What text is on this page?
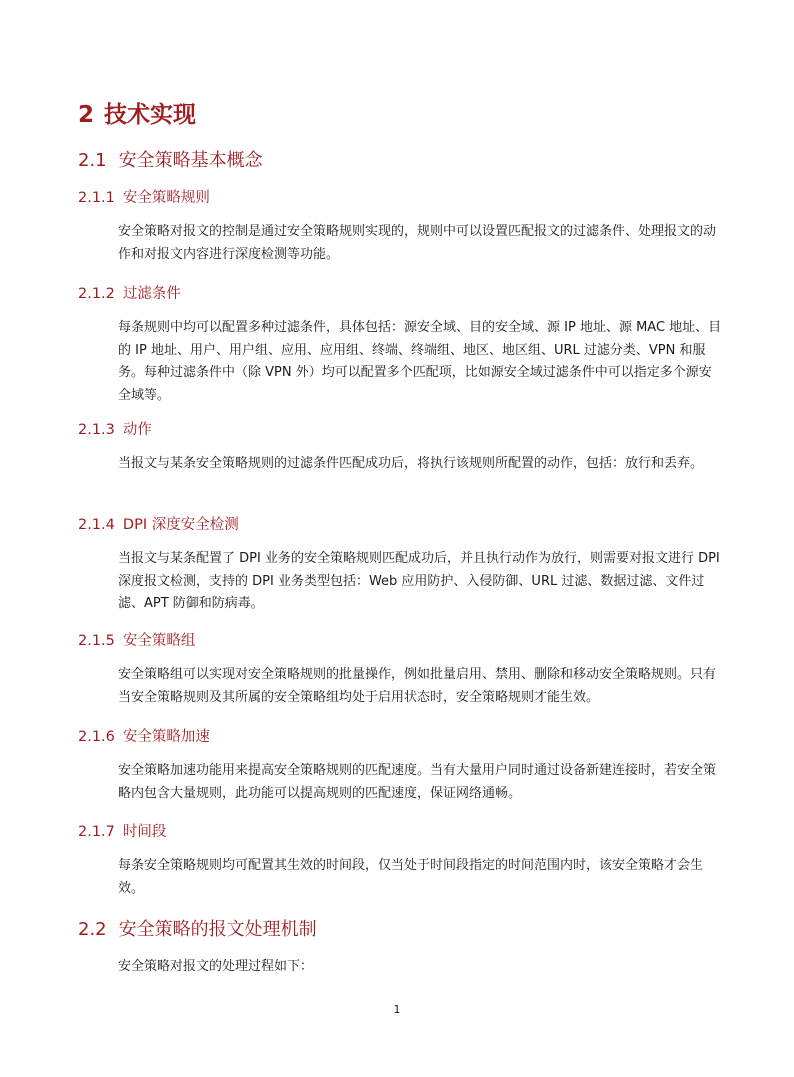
2 技术实现
2.1 安全策略基本概念
2.1.1 安全策略规则

安全策略对报文的控制是通过安全策略规则实现的，规则中可以设置匹配报文的过滤条件、处理报文的动作和对报文内容进行深度检测等功能。

2.1.2 过滤条件

每条规则中均可以配置多种过滤条件，具体包括：源安全域、目的安全域、源 IP 地址、源 MAC 地址、目的 IP 地址、用户、用户组、应用、应用组、终端、终端组、地区、地区组、URL 过滤分类、VPN 和服务。每种过滤条件中（除 VPN 外）均可以配置多个匹配项，比如源安全域过滤条件中可以指定多个源安全域等。

2.1.3 动作

当报文与某条安全策略规则的过滤条件匹配成功后，将执行该规则所配置的动作，包括：放行和丢弃。

2.1.4 DPI 深度安全检测

当报文与某条配置了 DPI 业务的安全策略规则匹配成功后，并且执行动作为放行，则需要对报文进行 DPI 深度报文检测，支持的 DPI 业务类型包括：Web 应用防护、入侵防御、URL 过滤、数据过滤、文件过滤、APT 防御和防病毒。

2.1.5 安全策略组

安全策略组可以实现对安全策略规则的批量操作，例如批量启用、禁用、删除和移动安全策略规则。只有当安全策略规则及其所属的安全策略组均处于启用状态时，安全策略规则才能生效。

2.1.6 安全策略加速

安全策略加速功能用来提高安全策略规则的匹配速度。当有大量用户同时通过设备新建连接时，若安全策略内包含大量规则，此功能可以提高规则的匹配速度，保证网络通畅。

2.1.7 时间段

每条安全策略规则均可配置其生效的时间段，仅当处于时间段指定的时间范围内时，该安全策略才会生效。

2.2 安全策略的报文处理机制

安全策略对报文的处理过程如下：

1
